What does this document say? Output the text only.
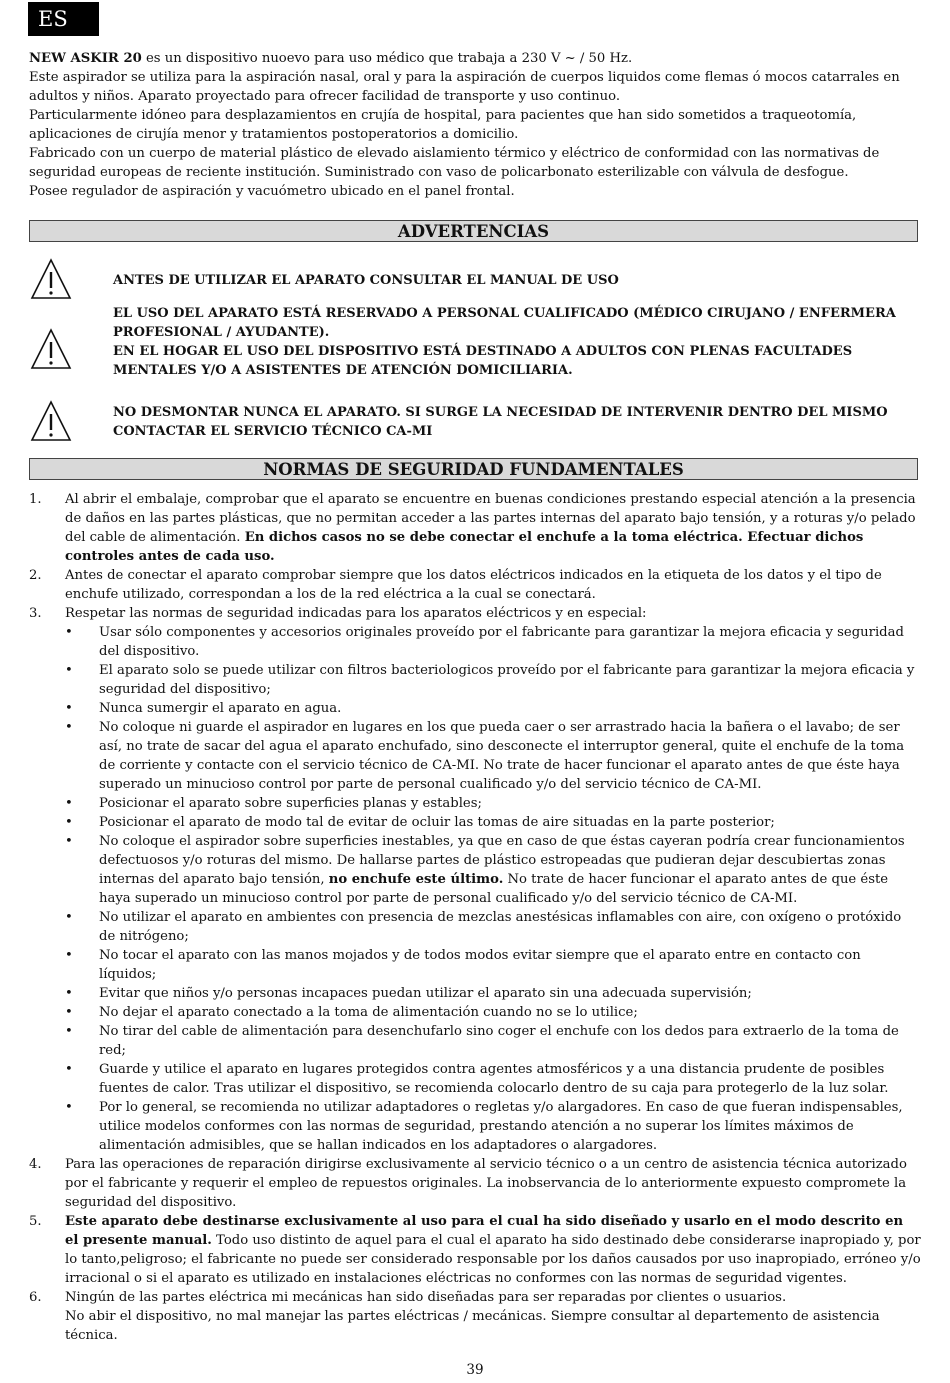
ES

NEW ASKIR 20 es un dispositivo nuoevo para uso médico que trabaja a 230 V ~ / 50 Hz.

Este aspirador se utiliza para la aspiración nasal, oral y para la aspiración de cuerpos liquidos come flemas ó mocos catarrales en adultos y niños. Aparato proyectado para ofrecer facilidad de transporte y uso continuo.

Particularmente idóneo para desplazamientos en crujía de hospital, para pacientes que han sido sometidos a traqueotomía, aplicaciones de cirujía menor y tratamientos postoperatorios a domicilio.

Fabricado con un cuerpo de material plástico de elevado aislamiento térmico y eléctrico de conformidad con las normativas de seguridad europeas de reciente institución. Suministrado con vaso de policarbonato esterilizable con válvula de desfogue.

Posee regulador de aspiración y vacuómetro ubicado en el panel frontal.

ADVERTENCIAS

ANTES DE UTILIZAR EL APARATO CONSULTAR EL MANUAL DE USO

EL USO DEL APARATO ESTÁ RESERVADO A PERSONAL CUALIFICADO (MÉDICO CIRUJANO / ENFERMERA PROFESIONAL / AYUDANTE).

EN EL HOGAR EL USO DEL DISPOSITIVO ESTÁ DESTINADO A ADULTOS CON PLENAS FACULTADES MENTALES Y/O A ASISTENTES DE ATENCIÓN DOMICILIARIA.

NO DESMONTAR NUNCA EL APARATO. SI SURGE LA NECESIDAD DE INTERVENIR DENTRO DEL MISMO CONTACTAR EL SERVICIO TÉCNICO CA-MI

NORMAS DE SEGURIDAD FUNDAMENTALES
1. Al abrir el embalaje, comprobar que el aparato se encuentre en buenas condiciones prestando especial atención a la presencia de daños en las partes plásticas, que no permitan acceder a las partes internas del aparato bajo tensión, y a roturas y/o pelado del cable de alimentación. En dichos casos no se debe conectar el enchufe a la toma eléctrica. Efectuar dichos controles antes de cada uso.

2. Antes de conectar el aparato comprobar siempre que los datos eléctricos indicados en la etiqueta de los datos y el tipo de enchufe utilizado, correspondan a los de la red eléctrica a la cual se conectará.

3. Respetar las normas de seguridad indicadas para los aparatos eléctricos y en especial:

• Usar sólo componentes y accesorios originales proveído por el fabricante para garantizar la mejora eficacia y seguridad del dispositivo.
• El aparato solo se puede utilizar con filtros bacteriologicos proveído por el fabricante para garantizar la mejora eficacia y seguridad del dispositivo;
• Nunca sumergir el aparato en agua.
• No coloque ni guarde el aspirador en lugares en los que pueda caer o ser arrastrado hacia la bañera o el lavabo; de ser así, no trate de sacar del agua el aparato enchufado, sino desconecte el interruptor general, quite el enchufe de la toma de corriente y contacte con el servicio técnico de CA-MI. No trate de hacer funcionar el aparato antes de que éste haya superado un minucioso control por parte de personal cualificado y/o del servicio técnico de CA-MI.
• Posicionar el aparato sobre superficies planas y estables;
• Posicionar el aparato de modo tal de evitar de ocluir las tomas de aire situadas en la parte posterior;
• No coloque el aspirador sobre superficies inestables, ya que en caso de que éstas cayeran podría crear funcionamientos defectuosos y/o roturas del mismo. De hallarse partes de plástico estropeadas que pudieran dejar descubiertas zonas internas del aparato bajo tensión, no enchufe este último. No trate de hacer funcionar el aparato antes de que éste haya superado un minucioso control por parte de personal cualificado y/o del servicio técnico de CA-MI.
• No utilizar el aparato en ambientes con presencia de mezclas anestésicas inflamables con aire, con oxígeno o protóxido de nitrógeno;
• No tocar el aparato con las manos mojados y de todos modos evitar siempre que el aparato entre en contacto con líquidos;
• Evitar que niños y/o personas incapaces puedan utilizar el aparato sin una adecuada supervisión;
• No dejar el aparato conectado a la toma de alimentación cuando no se lo utilice;
• No tirar del cable de alimentación para desenchufarlo sino coger el enchufe con los dedos para extraerlo de la toma de red;
• Guarde y utilice el aparato en lugares protegidos contra agentes atmosféricos y a una distancia prudente de posibles fuentes de calor. Tras utilizar el dispositivo, se recomienda colocarlo dentro de su caja para protegerlo de la luz solar.
• Por lo general, se recomienda no utilizar adaptadores o regletas y/o alargadores. En caso de que fueran indispensables, utilice modelos conformes con las normas de seguridad, prestando atención a no superar los límites máximos de alimentación admisibles, que se hallan indicados en los adaptadores o alargadores.
4. Para las operaciones de reparación dirigirse exclusivamente al servicio técnico o a un centro de asistencia técnica autorizado por el fabricante y requerir el empleo de repuestos originales. La inobservancia de lo anteriormente expuesto compromete la seguridad del dispositivo.

5. Este aparato debe destinarse exclusivamente al uso para el cual ha sido diseñado y usarlo en el modo descrito en el presente manual. Todo uso distinto de aquel para el cual el aparato ha sido destinado debe considerarse inapropiado y, por lo tanto,peligroso; el fabricante no puede ser considerado responsable por los daños causados por uso inapropiado, erróneo y/o irracional o si el aparato es utilizado en instalaciones eléctricas no conformes con las normas de seguridad vigentes.

6. Ningún de las partes eléctrica mi mecánicas han sido diseñadas para ser reparadas por clientes o usuarios.

No abir el dispositivo, no mal manejar las partes eléctricas / mecánicas. Siempre consultar al departemento de asistencia técnica.

39
